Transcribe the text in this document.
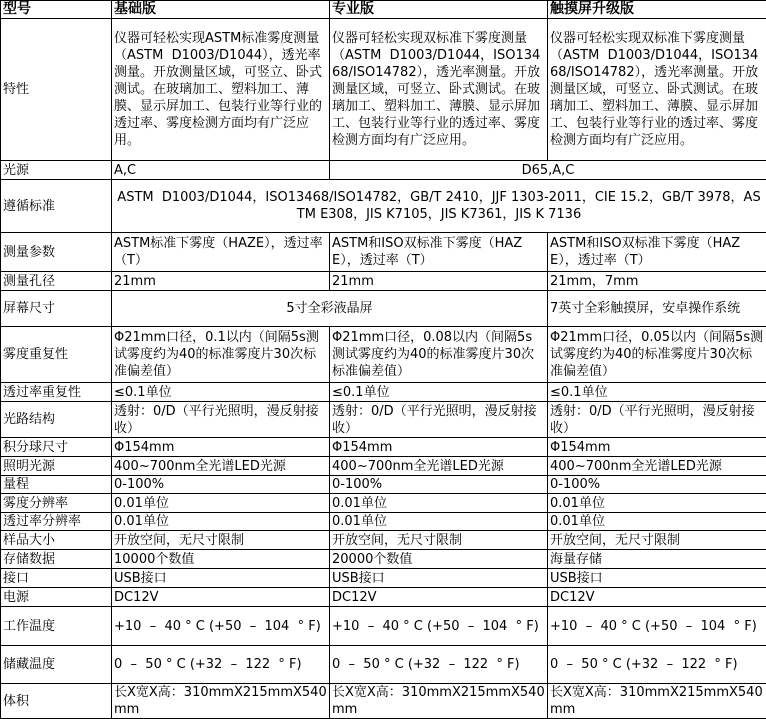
型号	基础版	专业版	触摸屏升级版
特性	仪器可轻松实现ASTM标准雾度测量（ASTM  D1003/D1044），透光率测量。开放测量区域，可竖立、卧式测试。在玻璃加工、塑料加工、薄膜、显示屏加工、包装行业等行业的透过率、雾度检测方面均有广泛应用。	仪器可轻松实现双标准下雾度测量（ASTM  D1003/D1044，ISO13468/ISO14782），透光率测量。开放测量区域，可竖立、卧式测试。在玻璃加工、塑料加工、薄膜、显示屏加工、包装行业等行业的透过率、雾度检测方面均有广泛应用。	仪器可轻松实现双标准下雾度测量（ASTM  D1003/D1044，ISO13468/ISO14782），透光率测量。开放测量区域，可竖立、卧式测试。在玻璃加工、塑料加工、薄膜、显示屏加工、包装行业等行业的透过率、雾度检测方面均有广泛应用。
光源	A,C	D65,A,C	
遵循标准	ASTM  D1003/D1044，ISO13468/ISO14782，GB/T 2410，JJF 1303-2011，CIE 15.2，GB/T 3978，ASTM E308，JIS K7105，JIS K7361，JIS K 7136		
测量参数	ASTM标准下雾度（HAZE），透过率（T）	ASTM和ISO双标准下雾度（HAZE），透过率（T）	ASTM和ISO双标准下雾度（HAZE），透过率（T）
测量孔径	21mm	21mm	21mm，7mm
屏幕尺寸	5寸全彩液晶屏		7英寸全彩触摸屏，安卓操作系统
雾度重复性	Φ21mm口径，0.1以内（间隔5s测试雾度约为40的标准雾度片30次标准偏差值）	Φ21mm口径，0.08以内（间隔5s测试雾度约为40的标准雾度片30次标准偏差值）	Φ21mm口径，0.05以内（间隔5s测试雾度约为40的标准雾度片30次标准偏差值）
透过率重复性	≤0.1单位	≤0.1单位	≤0.1单位
光路结构	透射：0/D（平行光照明，漫反射接收）	透射：0/D（平行光照明，漫反射接收）	透射：0/D（平行光照明，漫反射接收）
积分球尺寸	Φ154mm	Φ154mm	Φ154mm
照明光源	400~700nm全光谱LED光源	400~700nm全光谱LED光源	400~700nm全光谱LED光源
量程	0-100%	0-100%	0-100%
雾度分辨率	0.01单位	0.01单位	0.01单位
透过率分辨率	0.01单位	0.01单位	0.01单位
样品大小	开放空间，无尺寸限制	开放空间，无尺寸限制	开放空间，无尺寸限制
存储数据	10000个数值	20000个数值	海量存储
接口	USB接口	USB接口	USB接口
电源	DC12V	DC12V	DC12V
工作温度	+10  –  40 ° C (+50  –  104  ° F)	+10  –  40 ° C (+50  –  104  ° F)	+10  –  40 ° C (+50  –  104  ° F)
储藏温度	0  –  50 ° C (+32  –  122  ° F)	0  –  50 ° C (+32  –  122  ° F)	0  –  50 ° C (+32  –  122  ° F)
体积	长X宽X高：310mmX215mmX540mm	长X宽X高：310mmX215mmX540mm	长X宽X高：310mmX215mmX540mm
